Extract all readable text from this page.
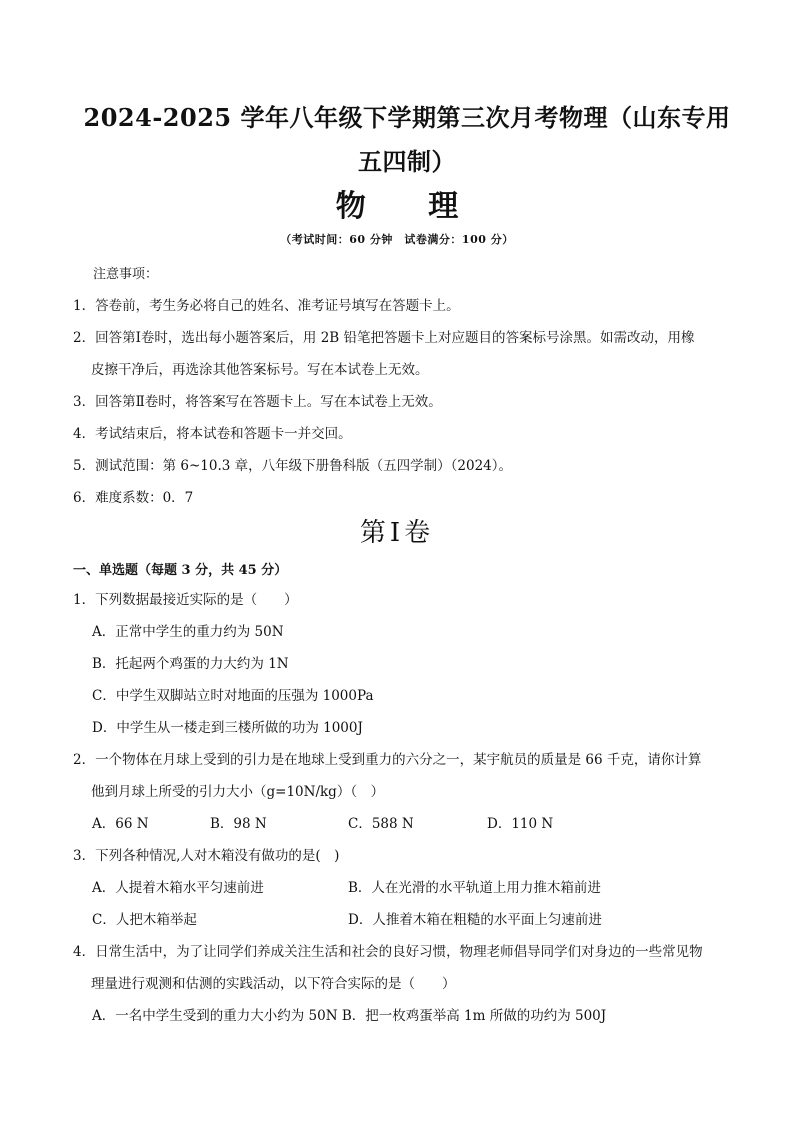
2024-2025 学年八年级下学期第三次月考物理（山东专用五四制）
物 理
（考试时间：60 分钟　试卷满分：100 分）
注意事项：
1．答卷前，考生务必将自己的姓名、准考证号填写在答题卡上。
2．回答第Ⅰ卷时，选出每小题答案后，用 2B 铅笔把答题卡上对应题目的答案标号涂黑。如需改动，用橡
皮擦干净后，再选涂其他答案标号。写在本试卷上无效。
3．回答第Ⅱ卷时，将答案写在答题卡上。写在本试卷上无效。
4．考试结束后，将本试卷和答题卡一并交回。
5．测试范围：第 6~10.3 章，八年级下册鲁科版（五四学制）（2024）。
6．难度系数：0．7
第Ⅰ卷
一、单选题（每题 3 分，共 45 分）
1．下列数据最接近实际的是（　　）
A．正常中学生的重力约为 50N
B．托起两个鸡蛋的力大约为 1N
C．中学生双脚站立时对地面的压强为 1000Pa
D．中学生从一楼走到三楼所做的功为 1000J
2．一个物体在月球上受到的引力是在地球上受到重力的六分之一，某宇航员的质量是 66 千克，请你计算
他到月球上所受的引力大小（g=10N/kg）（　）
A．66 N	B．98 N	C．588 N	D．110 N
3．下列各种情况,人对木箱没有做功的是(　)
A．人提着木箱水平匀速前进	B．人在光滑的水平轨道上用力推木箱前进
C．人把木箱举起	D．人推着木箱在粗糙的水平面上匀速前进
4．日常生活中，为了让同学们养成关注生活和社会的良好习惯，物理老师倡导同学们对身边的一些常见物
理量进行观测和估测的实践活动，以下符合实际的是（　　）
A．一名中学生受到的重力大小约为 50N B．把一枚鸡蛋举高 1m 所做的功约为 500J
